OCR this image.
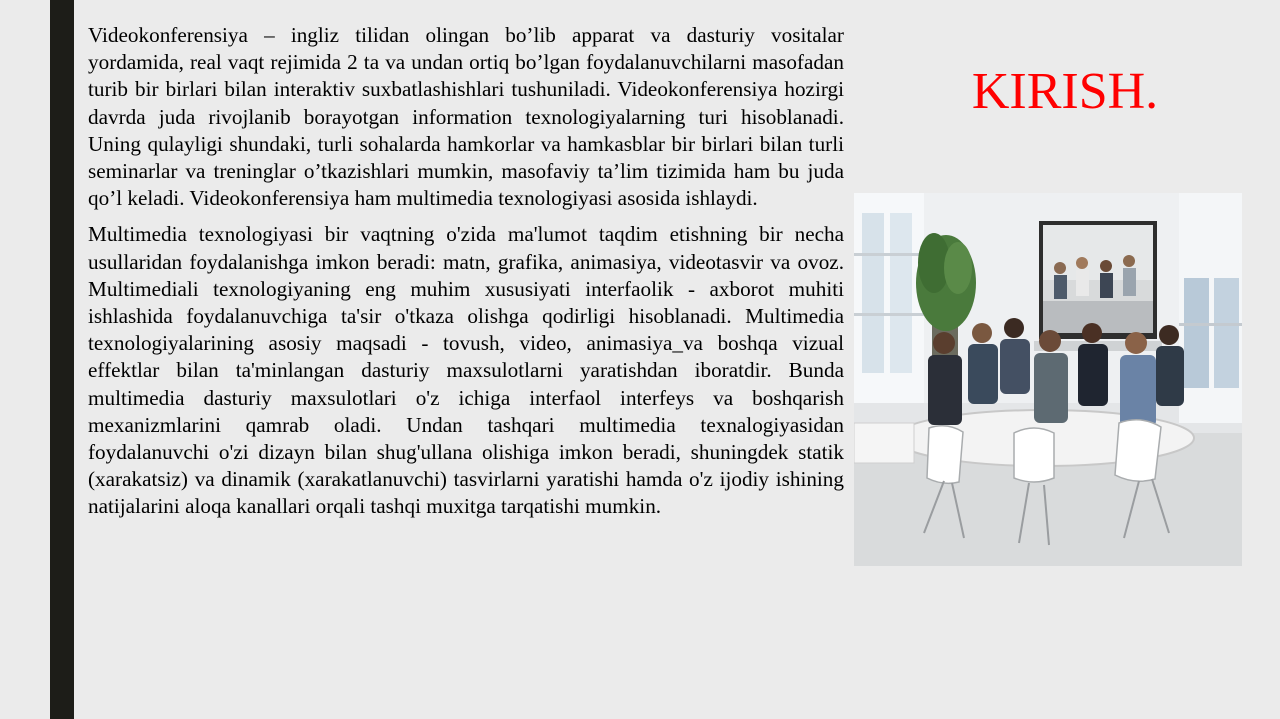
Videokonferensiya – ingliz tilidan olingan bo’lib apparat va dasturiy vositalar yordamida, real vaqt rejimida 2 ta va undan ortiq bo’lgan foydalanuvchilarni masofadan turib bir birlari bilan interaktiv suxbatlashishlari tushuniladi. Videokonferensiya hozirgi davrda juda rivojlanib borayotgan information texnologiyalarning turi hisoblanadi. Uning qulayligi shundaki, turli sohalarda hamkorlar va hamkasblar bir birlari bilan turli seminarlar va treninglar o’tkazishlari mumkin, masofaviy ta’lim tizimida ham bu juda qo’l keladi. Videokonferensiya ham multimedia texnologiyasi asosida ishlaydi.

Multimedia texnologiyasi bir vaqtning o'zida ma'lumot taqdim etishning bir necha usullaridan foydalanishga imkon beradi: matn, grafika, animasiya, videotasvir va ovoz. Multimediali texnologiyaning eng muhim xususiyati interfaolik - axborot muhiti ishlashida foydalanuvchiga ta'sir o'tkaza olishga qodirligi hisoblanadi. Multimedia texnologiyalarining asosiy maqsadi - tovush, video, animasiya_va boshqa vizual effektlar bilan ta'minlangan dasturiy maxsulotlarni yaratishdan iboratdir. Bunda multimedia dasturiy maxsulotlari o'z ichiga interfaol interfeys va boshqarish mexanizmlarini qamrab oladi. Undan tashqari multimedia texnalogiyasidan foydalanuvchi o'zi dizayn bilan shug'ullana olishiga imkon beradi, shuningdek statik (xarakatsiz) va dinamik (xarakatlanuvchi) tasvirlarni yaratishi hamda o'z ijodiy ishining natijalarini aloqa kanallari orqali tashqi muxitga tarqatishi mumkin.

KIRISH.
